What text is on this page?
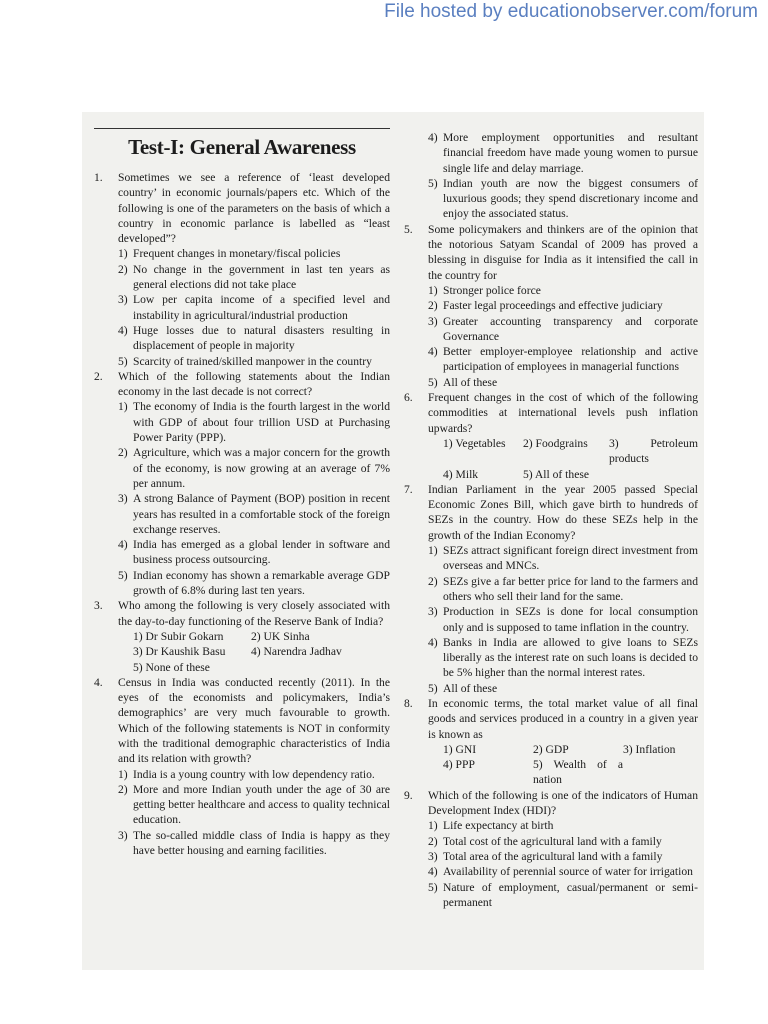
File hosted by educationobserver.com/forum
Test-I: General Awareness
1. Sometimes we see a reference of ‘least developed country’ in economic journals/papers etc. Which of the following is one of the parameters on the basis of which a country in economic parlance is labelled as “least developed”?
1) Frequent changes in monetary/fiscal policies
2) No change in the government in last ten years as general elections did not take place
3) Low per capita income of a specified level and instability in agricultural/industrial production
4) Huge losses due to natural disasters resulting in displacement of people in majority
5) Scarcity of trained/skilled manpower in the country
2. Which of the following statements about the Indian economy in the last decade is not correct?
1) The economy of India is the fourth largest in the world with GDP of about four trillion USD at Purchasing Power Parity (PPP).
2) Agriculture, which was a major concern for the growth of the economy, is now growing at an average of 7% per annum.
3) A strong Balance of Payment (BOP) position in recent years has resulted in a comfortable stock of the foreign exchange reserves.
4) India has emerged as a global lender in software and business process outsourcing.
5) Indian economy has shown a remarkable average GDP growth of 6.8% during last ten years.
3. Who among the following is very closely associated with the day-to-day functioning of the Reserve Bank of India?
1) Dr Subir Gokarn	2) UK Sinha
3) Dr Kaushik Basu	4) Narendra Jadhav
5) None of these
4. Census in India was conducted recently (2011). In the eyes of the economists and policymakers, India’s demographics’ are very much favourable to growth. Which of the following statements is NOT in conformity with the traditional demographic characteristics of India and its relation with growth?
1) India is a young country with low dependency ratio.
2) More and more Indian youth under the age of 30 are getting better healthcare and access to quality technical education.
3) The so-called middle class of India is happy as they have better housing and earning facilities.
4) More employment opportunities and resultant financial freedom have made young women to pursue single life and delay marriage.
5) Indian youth are now the biggest consumers of luxurious goods; they spend discretionary income and enjoy the associated status.
5. Some policymakers and thinkers are of the opinion that the notorious Satyam Scandal of 2009 has proved a blessing in disguise for India as it intensified the call in the country for
1) Stronger police force
2) Faster legal proceedings and effective judiciary
3) Greater accounting transparency and corporate Governance
4) Better employer-employee relationship and active participation of employees in managerial functions
5) All of these
6. Frequent changes in the cost of which of the following commodities at international levels push inflation upwards?
1) Vegetables	2) Foodgrains	3) Petroleum products
4) Milk	5) All of these
7. Indian Parliament in the year 2005 passed Special Economic Zones Bill, which gave birth to hundreds of SEZs in the country. How do these SEZs help in the growth of the Indian Economy?
1) SEZs attract significant foreign direct investment from overseas and MNCs.
2) SEZs give a far better price for land to the farmers and others who sell their land for the same.
3) Production in SEZs is done for local consumption only and is supposed to tame inflation in the country.
4) Banks in India are allowed to give loans to SEZs liberally as the interest rate on such loans is decided to be 5% higher than the normal interest rates.
5) All of these
8. In economic terms, the total market value of all final goods and services produced in a country in a given year is known as
1) GNI	2) GDP	3) Inflation
4) PPP	5) Wealth of a nation
9. Which of the following is one of the indicators of Human Development Index (HDI)?
1) Life expectancy at birth
2) Total cost of the agricultural land with a family
3) Total area of the agricultural land with a family
4) Availability of perennial source of water for irrigation
5) Nature of employment, casual/permanent or semi-permanent
